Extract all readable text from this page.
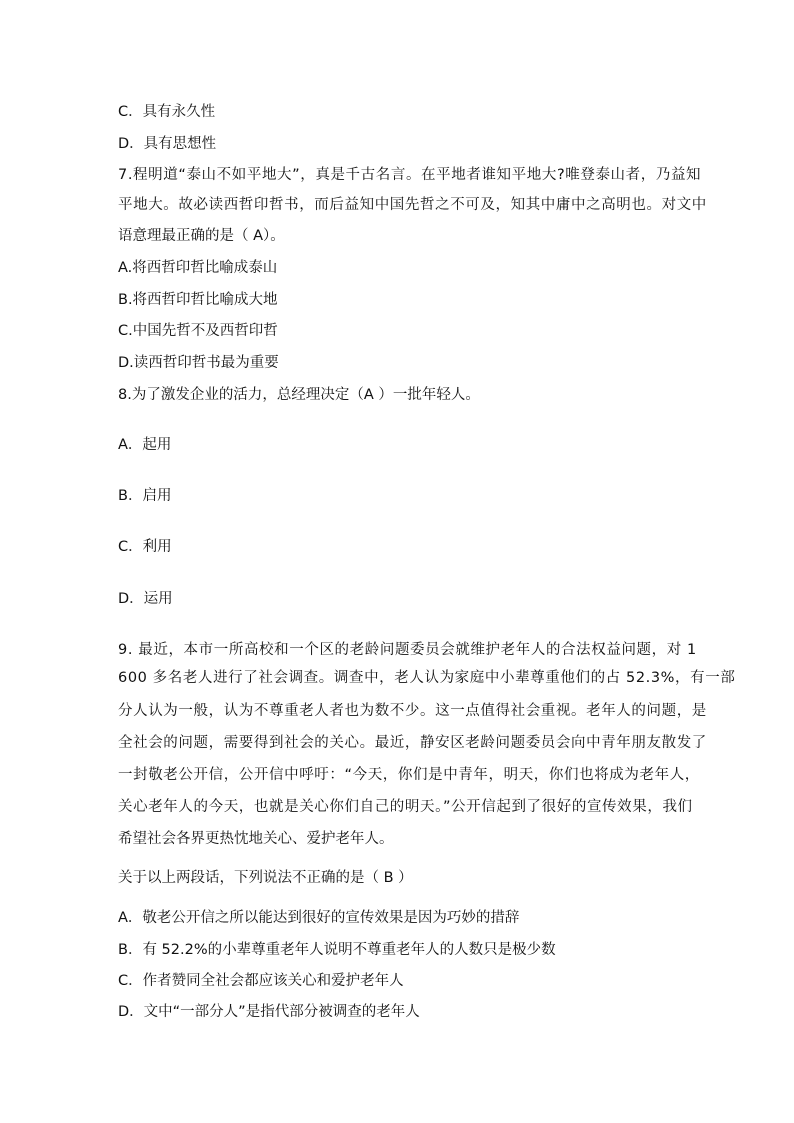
C．具有永久性

D．具有思想性

7.程明道“泰山不如平地大”，真是千古名言。在平地者谁知平地大?唯登泰山者，乃益知

平地大。故必读西哲印哲书，而后益知中国先哲之不可及，知其中庸中之高明也。对文中

语意理最正确的是（ A）。

A.将西哲印哲比喻成泰山

B.将西哲印哲比喻成大地

C.中国先哲不及西哲印哲

D.读西哲印哲书最为重要

8.为了激发企业的活力，总经理决定（A ）一批年轻人。

A．起用

B．启用

C．利用

D．运用

9. 最近，本市一所高校和一个区的老龄问题委员会就维护老年人的合法权益问题，对 1

600 多名老人进行了社会调查。调查中，老人认为家庭中小辈尊重他们的占 52.3%，有一部

分人认为一般，认为不尊重老人者也为数不少。这一点值得社会重视。老年人的问题，是

全社会的问题，需要得到社会的关心。最近，静安区老龄问题委员会向中青年朋友散发了

一封敬老公开信，公开信中呼吁：“今天，你们是中青年，明天，你们也将成为老年人，

关心老年人的今天，也就是关心你们自己的明天。”公开信起到了很好的宣传效果，我们

希望社会各界更热忱地关心、爱护老年人。

关于以上两段话，下列说法不正确的是（ B ）

A．敬老公开信之所以能达到很好的宣传效果是因为巧妙的措辞

B．有 52.2%的小辈尊重老年人说明不尊重老年人的人数只是极少数

C．作者赞同全社会都应该关心和爱护老年人

D．文中“一部分人”是指代部分被调查的老年人
